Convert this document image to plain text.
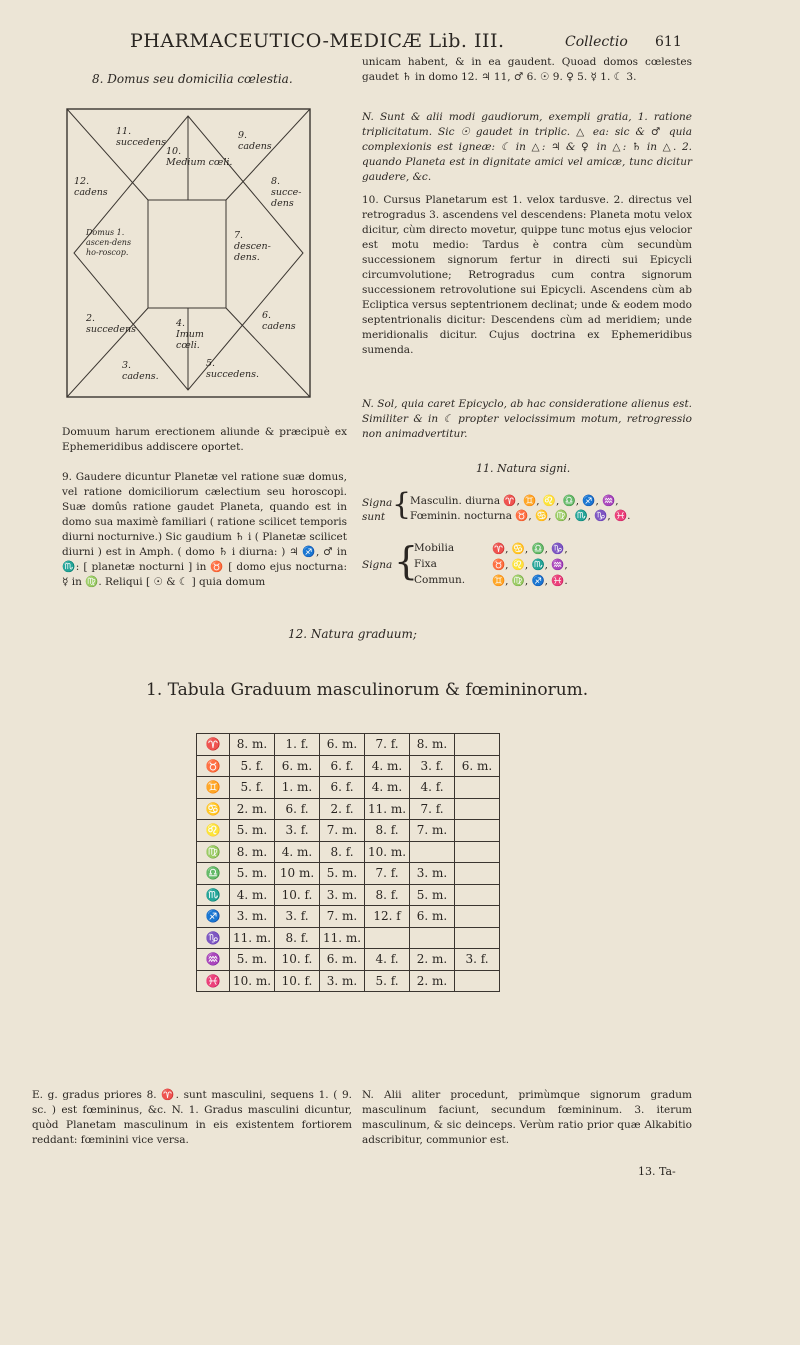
PHARMACEUTICO-MEDICÆ Lib. III.	Collectio 611
8. Domus seu domicilia cœlestia.
11.
succedens
10.
Medium cœli.
9.
cadens
12.
cadens
8.
succe-dens
Domus 1. ascen-dens ho-roscop.
7.
descen-dens.
2.
succedens
4.
Imum cœli.
6.
cadens
3.
cadens.
5.
succedens.
Domuum harum erectionem aliunde & præcipuè ex Ephemeridibus addiscere oportet.
9. Gaudere dicuntur Planetæ vel ratione suæ domus, vel ratione domiciliorum cælectium seu horoscopi. Suæ domûs ratione gaudet Planeta, quando est in domo sua maximè familiari ( ratione scilicet temporis diurni nocturnive.) Sic gaudium ♄ i ( Planetæ scilicet diurni ) est in Amph. ( domo ♄ i diurna: ) ♃ ♐, ♂ in ♏: [ planetæ nocturni ] in ♉ [ domo ejus nocturna: ☿ in ♍. Reliqui [ ☉ & ☾ ] quia domum
unicam habent, & in ea gaudent. Quoad domos cœlestes gaudet ♄ in domo 12. ♃ 11, ♂ 6. ☉ 9. ♀ 5. ☿ 1. ☾ 3.
N. Sunt & alii modi gaudiorum, exempli gratia, 1. ratione triplicitatum. Sic ☉ gaudet in triplic. △ ea: sic & ♂ quia complexionis est igneæ: ☾ in △: ♃ & ♀ in △: ♄ in △. 2. quando Planeta est in dignitate amici vel amicæ, tunc dicitur gaudere, &c.
10. Cursus Planetarum est 1. velox tardusve. 2. directus vel retrogradus 3. ascendens vel descendens: Planeta motu velox dicitur, cùm directo movetur, quippe tunc motus ejus velocior est motu medio: Tardus è contra cùm secundùm successionem signorum fertur in directi sui Epicycli circumvolutione; Retrogradus cum contra signorum successionem retrovolutione sui Epicycli. Ascendens cùm ab Ecliptica versus septentrionem declinat; unde & eodem modo septentrionalis dicitur: Descendens cùm ad meridiem; unde meridionalis dicitur. Cujus doctrina ex Ephemeridibus sumenda.
N. Sol, quia caret Epicyclo, ab hac consideratione alienus est. Similiter & in ☾ propter velocissimum motum, retrogressio non animadvertitur.
11. Natura signi.
Signa sunt {
Masculin. diurna ♈, ♊, ♌, ♎, ♐, ♒,
Fœminin. nocturna ♉, ♋, ♍, ♏, ♑, ♓.
Signa {
Mobilia	♈, ♋, ♎, ♑,
Fixa	♉, ♌, ♏, ♒,
Commun.	♊, ♍, ♐, ♓.
12. Natura graduum;
1. Tabula Graduum masculinorum & fœmininorum.
♈	8. m.	1. f.	6. m.	7. f.	8. m.	
♉	5. f.	6. m.	6. f.	4. m.	3. f.	6. m.
♊	5. f.	1. m.	6. f.	4. m.	4. f.	
♋	2. m.	6. f.	2. f.	11. m.	7. f.	
♌	5. m.	3. f.	7. m.	8. f.	7. m.	
♍	8. m.	4. m.	8. f.	10. m.		
♎	5. m.	10 m.	5. m.	7. f.	3. m.	
♏	4. m.	10. f.	3. m.	8. f.	5. m.	
♐	3. m.	3. f.	7. m.	12. f	6. m.	
♑	11. m.	8. f.	11. m.			
♒	5. m.	10. f.	6. m.	4. f.	2. m.	3. f.
♓	10. m.	10. f.	3. m.	5. f.	2. m.	
E. g. gradus priores 8. ♈. sunt masculini, sequens 1. ( 9. sc. ) est fœmininus, &c. N. 1. Gradus masculini dicuntur, quòd Planetam masculinum in eis existentem fortiorem reddant: fœminini vice versa.
N. Alii aliter procedunt, primùmque signorum gradum masculinum faciunt, secundum fœmininum. 3. iterum masculinum, & sic deinceps. Verùm ratio prior quæ Alkabitio adscribitur, communior est.
13. Ta-
